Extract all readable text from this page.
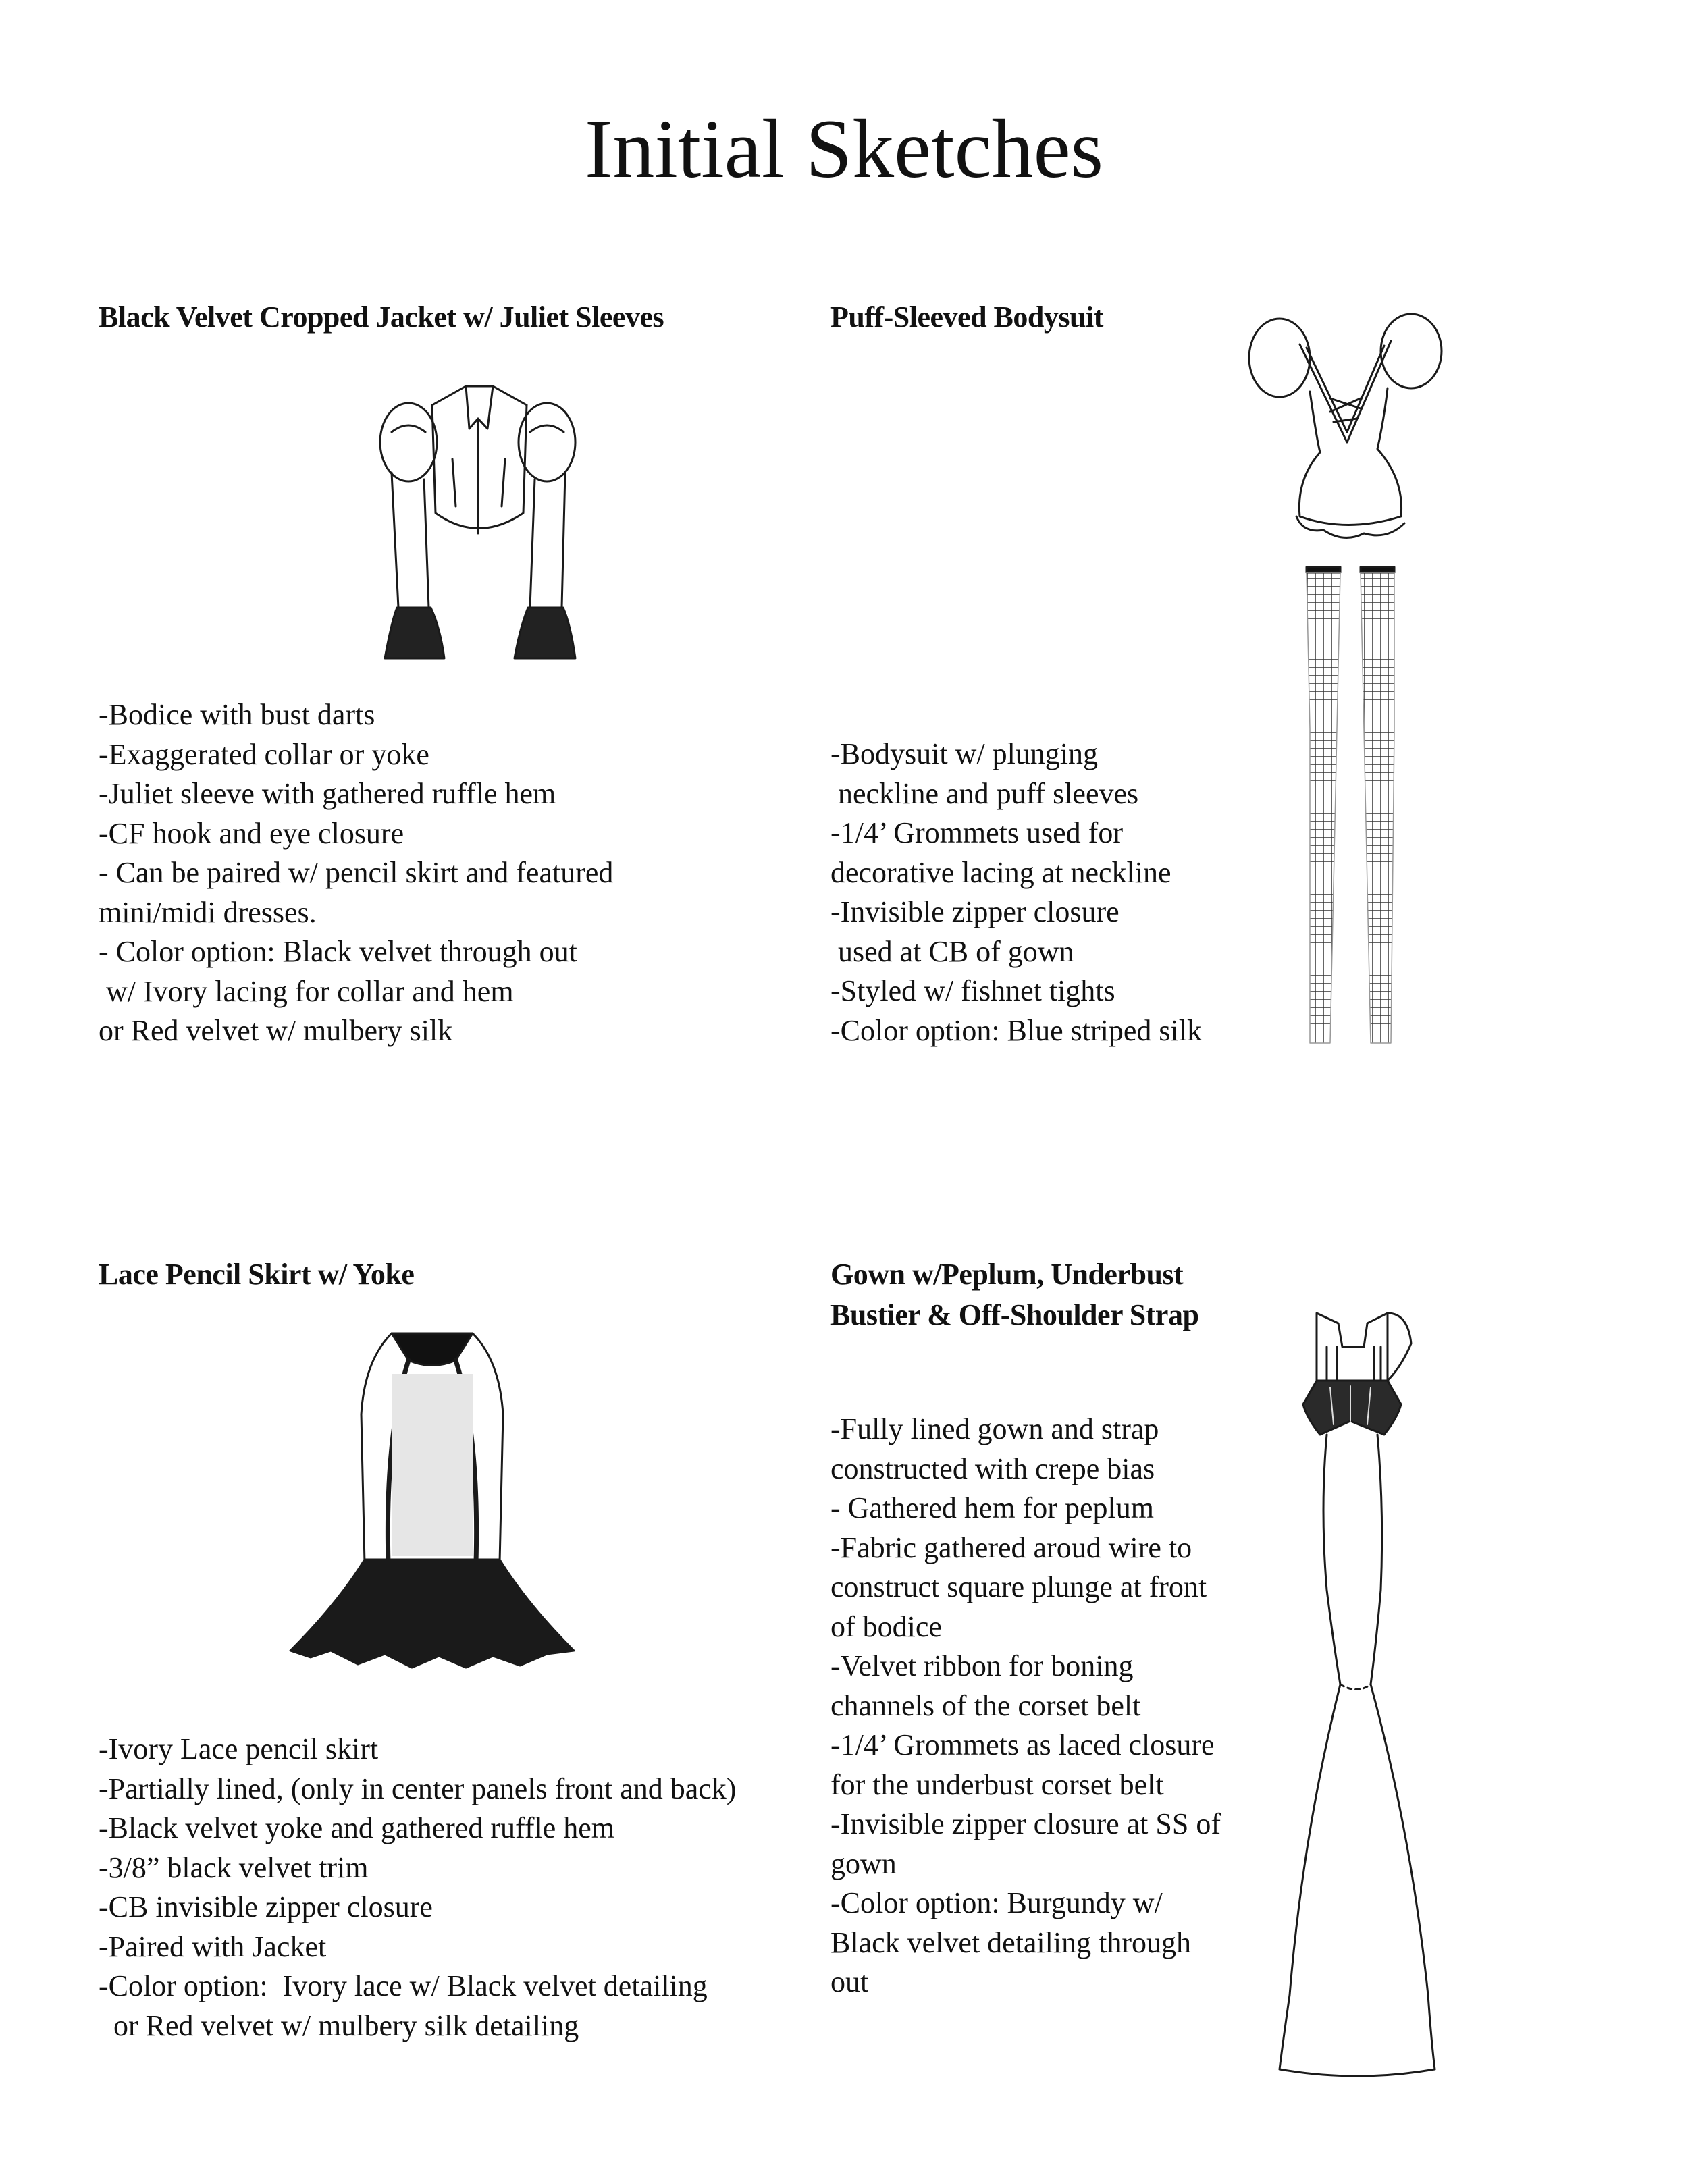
Initial Sketches
Black Velvet Cropped Jacket w/ Juliet Sleeves
-Bodice with bust darts
-Exaggerated collar or yoke
-Juliet sleeve with gathered ruffle hem
-CF hook and eye closure
- Can be paired w/ pencil skirt and featured
mini/midi dresses.
- Color option: Black velvet through out
w/ Ivory lacing for collar and hem
or Red velvet w/ mulbery silk
Puff-Sleeved Bodysuit
-Bodysuit w/ plunging
neckline and puff sleeves
-1/4’ Grommets used for
decorative lacing at neckline
-Invisible zipper closure
used at CB of gown
-Styled w/ fishnet tights
-Color option: Blue striped silk
Lace Pencil Skirt w/ Yoke
-Ivory Lace pencil skirt
-Partially lined, (only in center panels front and back)
-Black velvet yoke and gathered ruffle hem
-3/8” black velvet trim
-CB invisible zipper closure
-Paired with Jacket
-Color option:  Ivory lace w/ Black velvet detailing
or Red velvet w/ mulbery silk detailing
Gown w/Peplum, Underbust
Bustier & Off-Shoulder Strap
-Fully lined gown and strap
constructed with crepe bias
- Gathered hem for peplum
-Fabric gathered aroud wire to
construct square plunge at front
of bodice
-Velvet ribbon for boning
channels of the corset belt
-1/4’ Grommets as laced closure
for the underbust corset belt
-Invisible zipper closure at SS of
gown
-Color option: Burgundy w/
Black velvet detailing through
out
